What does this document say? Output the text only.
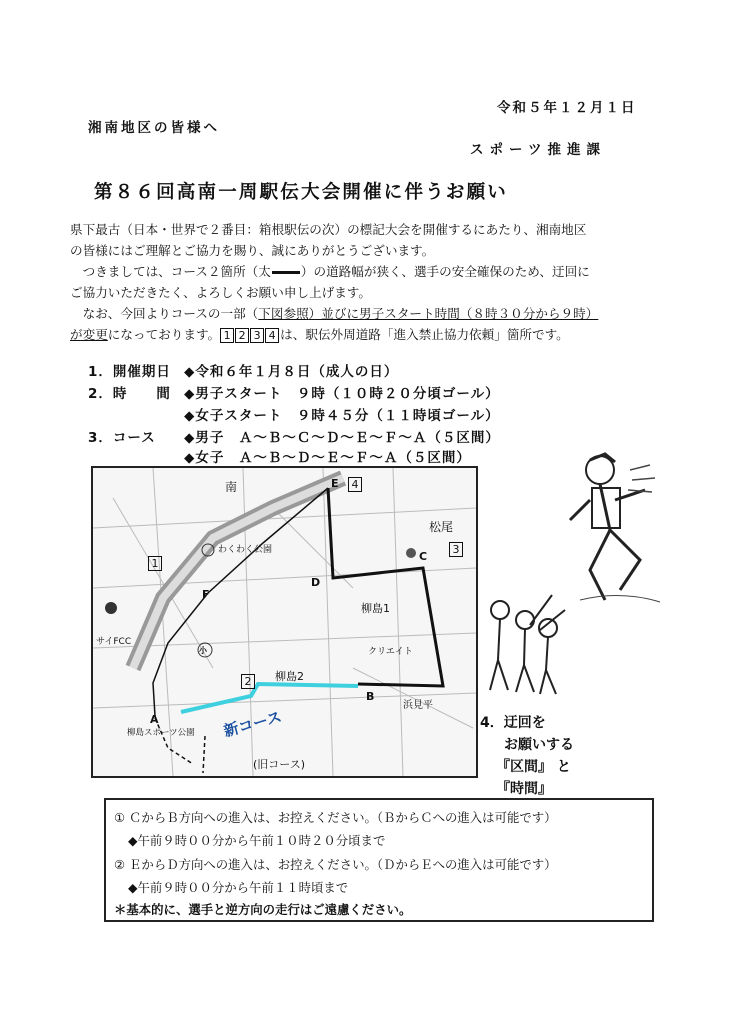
令和５年１２月１日
湘南地区の皆様へ
スポーツ推進課
第８６回高南一周駅伝大会開催に伴うお願い
県下最古（日本・世界で２番目：箱根駅伝の次）の標記大会を開催するにあたり、湘南地区
の皆様にはご理解とご協力を賜り、誠にありがとうございます。
　つきましては、コース２箇所（太 ）の道路幅が狭く、選手の安全確保のため、迂回に
ご協力いただきたく、よろしくお願い申し上げます。
　なお、今回よりコースの一部（下図参照）並びに男子スタート時間（８時３０分から９時）
が変更になっております。 1 2 3 4 は、駅伝外周道路「進入禁止協力依頼」箇所です。
1．開催期日 ◆令和６年１月８日（成人の日）
2．時　　間 ◆男子スタート　９時（１０時２０分頃ゴール）
◆女子スタート　９時４５分（１１時頃ゴール）
3．コース ◆男子　Ａ～Ｂ～Ｃ～Ｄ～Ｅ～Ｆ～Ａ（５区間）
◆女子　Ａ～Ｂ～Ｄ～Ｅ～Ｆ～Ａ（５区間）
南
松尾
わくわく公園
柳島1
柳島2
クリエイト
浜見平
サイFCC
柳島スポーツ公園
小
新コース
(旧コース)
A
B
C
D
E
F
1
2
3
4
4．迂回を
お願いする
『区間』 と
『時間』
① ＣからＢ方向への進入は、お控えください。（ＢからＣへの進入は可能です）
◆午前９時００分から午前１０時２０分頃まで
② ＥからＤ方向への進入は、お控えください。（ＤからＥへの進入は可能です）
◆午前９時００分から午前１１時頃まで
＊基本的に、選手と逆方向の走行はご遠慮ください。
